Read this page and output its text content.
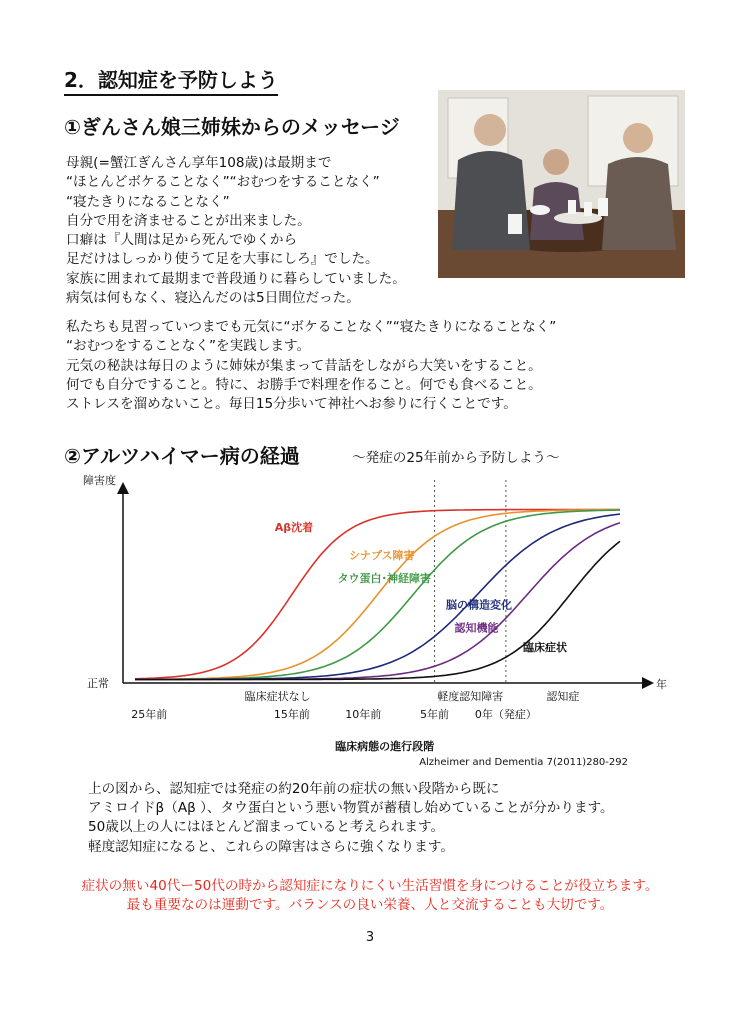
2．認知症を予防しよう
①ぎんさん娘三姉妹からのメッセージ
母親(=蟹江ぎんさん享年108歳)は最期まで
“ほとんどボケることなく”“おむつをすることなく”
“寝たきりになることなく”
自分で用を済ませることが出来ました。
口癖は『人間は足から死んでゆくから
足だけはしっかり使うて足を大事にしろ』でした。
家族に囲まれて最期まで普段通りに暮らしていました。
病気は何もなく、寝込んだのは5日間位だった。
私たちも見習っていつまでも元気に“ボケることなく”“寝たきりになることなく”
“おむつをすることなく”を実践します。
元気の秘訣は毎日のように姉妹が集まって昔話をしながら大笑いをすること。
何でも自分ですること。特に、お勝手で料理を作ること。何でも食べること。
ストレスを溜めないこと。毎日15分歩いて神社へお参りに行くことです。
②アルツハイマー病の経過	～発症の25年前から予防しよう～
障害度
正常	年
Aβ沈着
シナプス障害
タウ蛋白･神経障害
脳の構造変化
認知機能
臨床症状
臨床症状なし	軽度認知障害	認知症
25年前	15年前	10年前	5年前 0年（発症）
臨床病態の進行段階
Alzheimer and Dementia 7(2011)280-292
上の図から、認知症では発症の約20年前の症状の無い段階から既に
アミロイドβ（Aβ ）、タウ蛋白という悪い物質が蓄積し始めていることが分かります。
50歳以上の人にはほとんど溜まっていると考えられます。
軽度認知症になると、これらの障害はさらに強くなります。
症状の無い40代ー50代の時から認知症になりにくい生活習慣を身につけることが役立ちます。
最も重要なのは運動です。バランスの良い栄養、人と交流することも大切です。
3
